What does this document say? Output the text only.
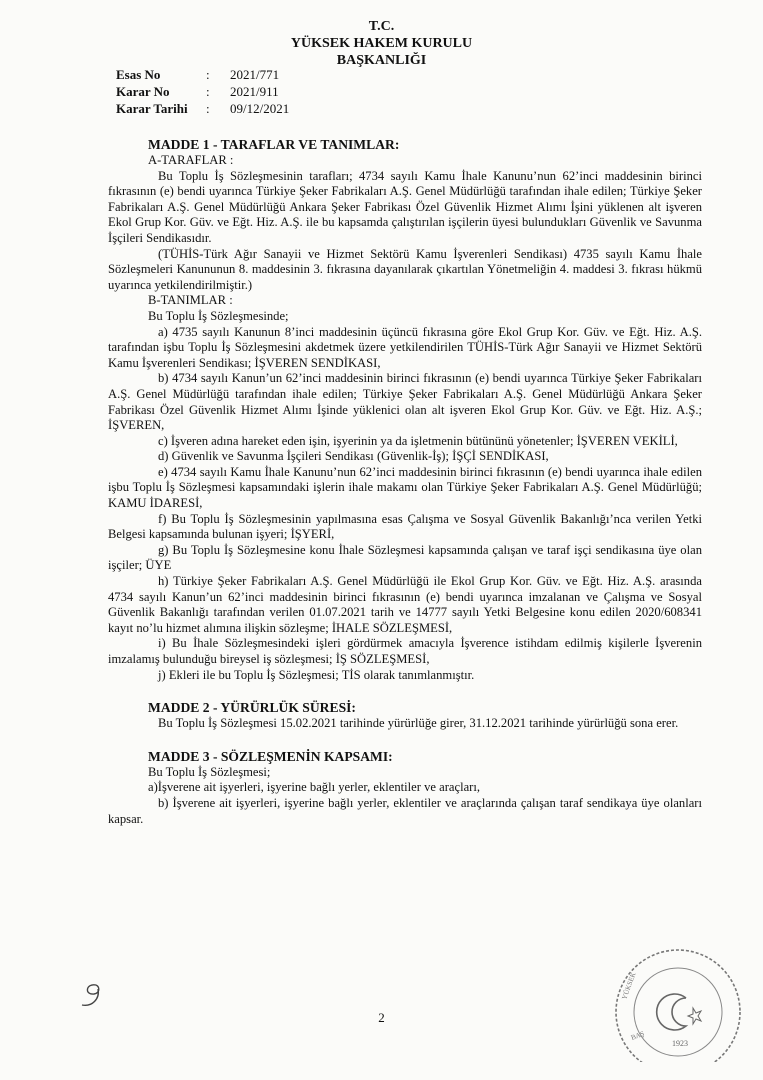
T.C.
YÜKSEK HAKEM KURULU
BAŞKANLIĞI
Esas No	:	2021/771
Karar No	:	2021/911
Karar Tarihi	:	09/12/2021
MADDE 1 - TARAFLAR VE TANIMLAR:
A-TARAFLAR :
Bu Toplu İş Sözleşmesinin tarafları; 4734 sayılı Kamu İhale Kanunu’nun 62’inci maddesinin birinci fıkrasının (e) bendi uyarınca Türkiye Şeker Fabrikaları A.Ş. Genel Müdürlüğü tarafından ihale edilen; Türkiye Şeker Fabrikaları A.Ş. Genel Müdürlüğü Ankara Şeker Fabrikası Özel Güvenlik Hizmet Alımı İşini yüklenen alt işveren Ekol Grup Kor. Güv. ve Eğt. Hiz. A.Ş. ile bu kapsamda çalıştırılan işçilerin üyesi bulundukları Güvenlik ve Savunma İşçileri Sendikasıdır.
(TÜHİS-Türk Ağır Sanayii ve Hizmet Sektörü Kamu İşverenleri Sendikası) 4735 sayılı Kamu İhale Sözleşmeleri Kanununun 8. maddesinin 3. fıkrasına dayanılarak çıkartılan Yönetmeliğin 4. maddesi 3. fıkrası hükmü uyarınca yetkilendirilmiştir.)
B-TANIMLAR :
Bu Toplu İş Sözleşmesinde;
a) 4735 sayılı Kanunun 8’inci maddesinin üçüncü fıkrasına göre Ekol Grup Kor. Güv. ve Eğt. Hiz. A.Ş. tarafından işbu Toplu İş Sözleşmesini akdetmek üzere yetkilendirilen TÜHİS-Türk Ağır Sanayii ve Hizmet Sektörü Kamu İşverenleri Sendikası; İŞVEREN SENDİKASI,
b) 4734 sayılı Kanun’un 62’inci maddesinin birinci fıkrasının (e) bendi uyarınca Türkiye Şeker Fabrikaları A.Ş. Genel Müdürlüğü tarafından ihale edilen; Türkiye Şeker Fabrikaları A.Ş. Genel Müdürlüğü Ankara Şeker Fabrikası Özel Güvenlik Hizmet Alımı İşinde yüklenici olan alt işveren Ekol Grup Kor. Güv. ve Eğt. Hiz. A.Ş.; İŞVEREN,
c) İşveren adına hareket eden işin, işyerinin ya da işletmenin bütününü yönetenler; İŞVEREN VEKİLİ,
d) Güvenlik ve Savunma İşçileri Sendikası (Güvenlik-İş); İŞÇİ SENDİKASI,
e) 4734 sayılı Kamu İhale Kanunu’nun 62’inci maddesinin birinci fıkrasının (e) bendi uyarınca ihale edilen işbu Toplu İş Sözleşmesi kapsamındaki işlerin ihale makamı olan Türkiye Şeker Fabrikaları A.Ş. Genel Müdürlüğü; KAMU İDARESİ,
f) Bu Toplu İş Sözleşmesinin yapılmasına esas Çalışma ve Sosyal Güvenlik Bakanlığı’nca verilen Yetki Belgesi kapsamında bulunan işyeri; İŞYERİ,
g) Bu Toplu İş Sözleşmesine konu İhale Sözleşmesi kapsamında çalışan ve taraf işçi sendikasına üye olan işçiler; ÜYE
h) Türkiye Şeker Fabrikaları A.Ş. Genel Müdürlüğü ile Ekol Grup Kor. Güv. ve Eğt. Hiz. A.Ş. arasında 4734 sayılı Kanun’un 62’inci maddesinin birinci fıkrasının (e) bendi uyarınca imzalanan ve Çalışma ve Sosyal Güvenlik Bakanlığı tarafından verilen 01.07.2021 tarih ve 14777 sayılı Yetki Belgesine konu edilen 2020/608341 kayıt no’lu hizmet alımına ilişkin sözleşme; İHALE SÖZLEŞMESİ,
i) Bu İhale Sözleşmesindeki işleri gördürmek amacıyla İşverence istihdam edilmiş kişilerle İşverenin imzalamış bulunduğu bireysel iş sözleşmesi; İŞ SÖZLEŞMESİ,
j) Ekleri ile bu Toplu İş Sözleşmesi; TİS olarak tanımlanmıştır.
MADDE 2 - YÜRÜRLÜK SÜRESİ:
Bu Toplu İş Sözleşmesi 15.02.2021 tarihinde yürürlüğe girer, 31.12.2021 tarihinde yürürlüğü sona erer.
MADDE 3 - SÖZLEŞMENİN KAPSAMI:
Bu Toplu İş Sözleşmesi;
a)İşverene ait işyerleri, işyerine bağlı yerler, eklentiler ve araçları,
b) İşverene ait işyerleri, işyerine bağlı yerler, eklentiler ve araçlarında çalışan taraf sendikaya üye olanları kapsar.
2
1923
YÜKSEK
BAŞ
